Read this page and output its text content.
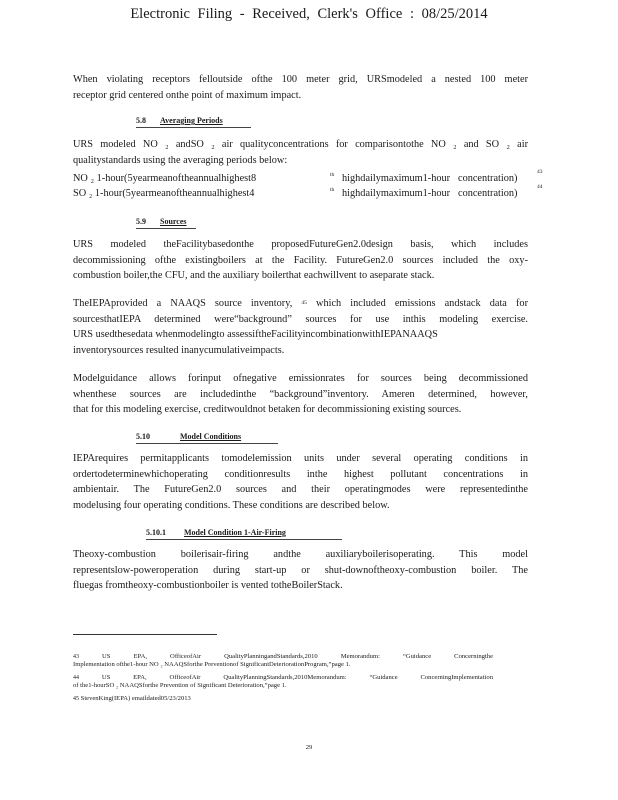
Electronic Filing - Received, Clerk's Office : 08/25/2014
When violating receptors felloutside ofthe 100 meter grid, URSmodeled a nested 100 meter
receptor grid centered onthe point of maximum impact.
5.8 Averaging Periods
URS modeled NO ₂ andSO ₂ air qualityconcentrations for comparisontothe NO ₂ and SO ₂ air
qualitystandards using the averaging periods below:
NO ₂ 1-hour(5yearmeanoftheannualhighest8	th highdailymaximum1-hour concentration)
43
SO ₂ 1-hour(5yearmeanoftheannualhighest4	th highdailymaximum1-hour concentration)
44
5.9 Sources
URS modeled theFacilitybasedonthe proposedFutureGen2.0design basis, which includes
decommissioning ofthe existingboilers at the Facility. FutureGen2.0 sources included the oxy-
combustion boiler,the CFU, and the auxiliary boilerthat eachwillvent to aseparate stack.
TheIEPAprovided a NAAQS source inventory, $^{45}$ which included emissions andstack data for
sourcesthatIEPA determined were“background” sources for use inthis modeling exercise.
URS usedthesedata whenmodelingto assessiftheFacilityincombinationwithIEPANAAQS
inventorysources resulted inanycumulativeimpacts.
Modelguidance allows forinput ofnegative emissionrates for sources being decommissioned
whenthese sources are includedinthe “background”inventory. Ameren determined, however,
that for this modeling exercise, creditwouldnot betaken for decommissioning existing sources.
5.10	Model Conditions
IEPArequires permitapplicants tomodelemission units under several operating conditions in
ordertodeterminewhichoperating conditionresults inthe highest pollutant concentrations in
ambientair. The FutureGen2.0 sources and their operatingmodes were representedinthe
modelusing four operating conditions. These conditions are described below.
5.10.1 Model Condition 1-Air-Firing
Theoxy-combustion boilerisair-firing andthe auxiliaryboilerisoperating. This model
representslow-poweroperation during start-up or shut-downoftheoxy-combustion boiler. The
fluegas fromtheoxy-combustionboiler is vented totheBoilerStack.
43	US EPA, OfficeofAir QualityPlanningandStandards,2010 Memorandum: “Guidance Concerningthe
Implementation ofthe1-hour NO ₂ NAAQSforthe Preventionof SignificantDeteriorationProgram,”page 1.
44	US EPA, OfficeofAir QualityPlanningStandards,2010Memorandum: “Guidance ConcerningImplementation
of the1-hourSO ₂ NAAQSforthe Prevention of Significant Deterioration,”page 1.
45 StevenKing(IEPA) emaildated05/23/2013
29
